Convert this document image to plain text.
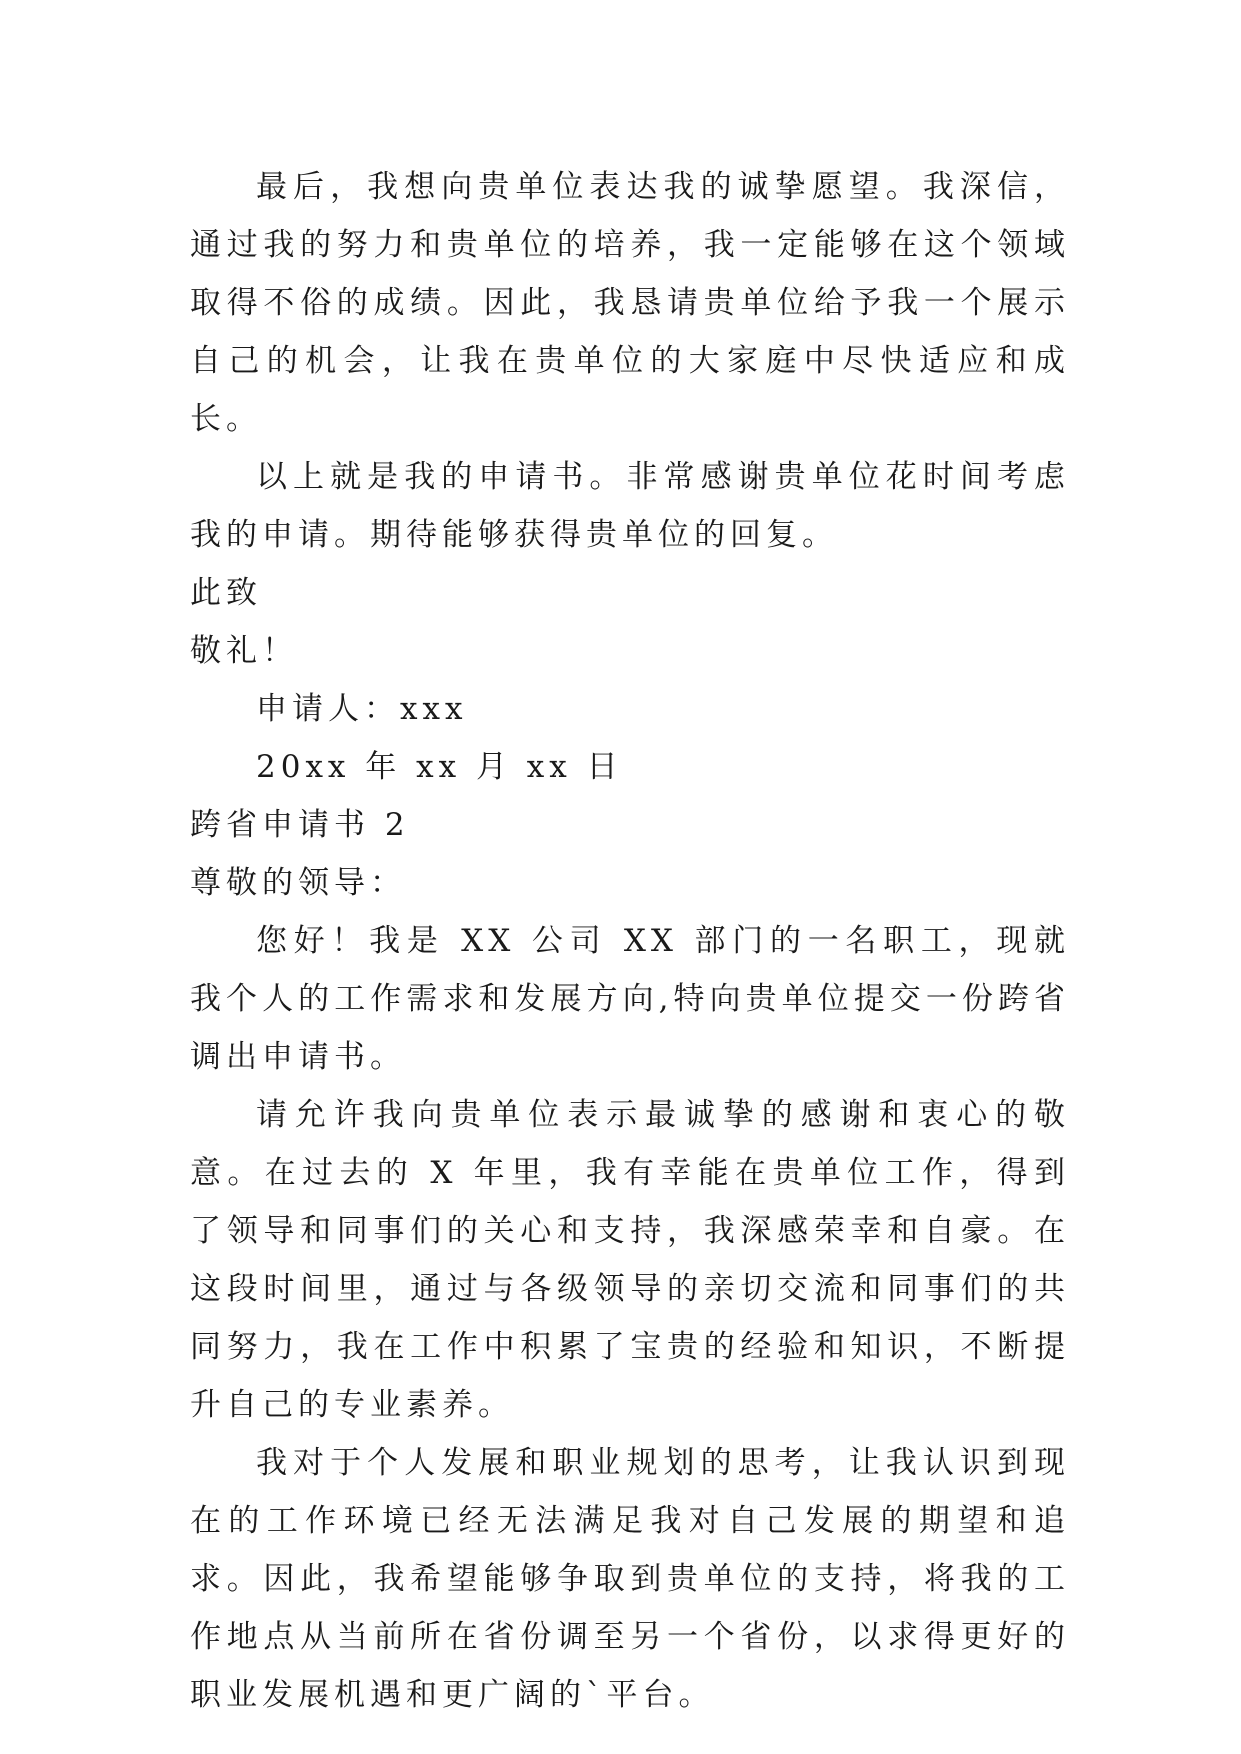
最后，我想向贵单位表达我的诚挚愿望。我深信，通过我的努力和贵单位的培养，我一定能够在这个领域取得不俗的成绩。因此，我恳请贵单位给予我一个展示自己的机会，让我在贵单位的大家庭中尽快适应和成长。

以上就是我的申请书。非常感谢贵单位花时间考虑我的申请。期待能够获得贵单位的回复。

此致

敬礼！

申请人：xxx

20xx 年 xx 月 xx 日

跨省申请书 2

尊敬的领导：

您好！我是 XX 公司 XX 部门的一名职工，现就我个人的工作需求和发展方向,特向贵单位提交一份跨省调出申请书。

请允许我向贵单位表示最诚挚的感谢和衷心的敬意。在过去的 X 年里，我有幸能在贵单位工作，得到了领导和同事们的关心和支持，我深感荣幸和自豪。在这段时间里，通过与各级领导的亲切交流和同事们的共同努力，我在工作中积累了宝贵的经验和知识，不断提升自己的专业素养。

我对于个人发展和职业规划的思考，让我认识到现在的工作环境已经无法满足我对自己发展的期望和追求。因此，我希望能够争取到贵单位的支持，将我的工作地点从当前所在省份调至另一个省份，以求得更好的职业发展机遇和更广阔的`平台。
